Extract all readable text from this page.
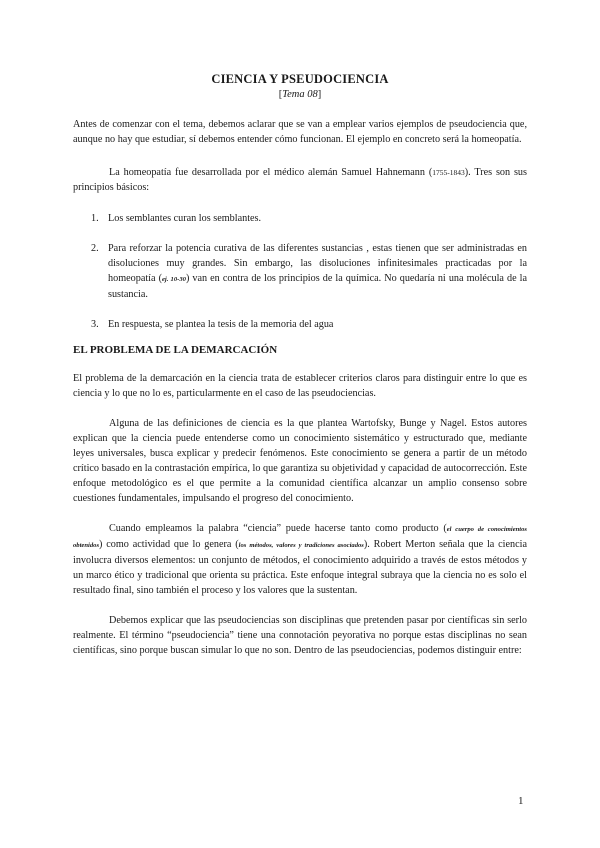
CIENCIA Y PSEUDOCIENCIA
[Tema 08]

Antes de comenzar con el tema, debemos aclarar que se van a emplear varios ejemplos de pseudociencia que, aunque no hay que estudiar, sí debemos entender cómo funcionan. El ejemplo en concreto será la homeopatía.

La homeopatía fue desarrollada por el médico alemán Samuel Hahnemann (1755-1843). Tres son sus principios básicos:

1. Los semblantes curan los semblantes.
2. Para reforzar la potencia curativa de las diferentes sustancias , estas tienen que ser administradas en disoluciones muy grandes. Sin embargo, las disoluciones infinitesimales practicadas por la homeopatía (ej. 10-30) van en contra de los principios de la química. No quedaría ni una molécula de la sustancia.
3. En respuesta, se plantea la tesis de la memoria del agua
EL PROBLEMA DE LA DEMARCACIÓN

El problema de la demarcación en la ciencia trata de establecer criterios claros para distinguir entre lo que es ciencia y lo que no lo es, particularmente en el caso de las pseudociencias.

Alguna de las definiciones de ciencia es la que plantea Wartofsky, Bunge y Nagel. Estos autores explican que la ciencia puede entenderse como un conocimiento sistemático y estructurado que, mediante leyes universales, busca explicar y predecir fenómenos. Este conocimiento se genera a partir de un método crítico basado en la contrastación empírica, lo que garantiza su objetividad y capacidad de autocorrección. Este enfoque metodológico es el que permite a la comunidad científica alcanzar un amplio consenso sobre cuestiones fundamentales, impulsando el progreso del conocimiento.

Cuando empleamos la palabra “ciencia” puede hacerse tanto como producto (el cuerpo de conocimientos obtenidos) como actividad que lo genera (los métodos, valores y tradiciones asociados). Robert Merton señala que la ciencia involucra diversos elementos: un conjunto de métodos, el conocimiento adquirido a través de estos métodos y un marco ético y tradicional que orienta su práctica. Este enfoque integral subraya que la ciencia no es solo el resultado final, sino también el proceso y los valores que la sustentan.

Debemos explicar que las pseudociencias son disciplinas que pretenden pasar por científicas sin serlo realmente. El término “pseudociencia” tiene una connotación peyorativa no porque estas disciplinas no sean científicas, sino porque buscan simular lo que no son. Dentro de las pseudociencias, podemos distinguir entre:

1
